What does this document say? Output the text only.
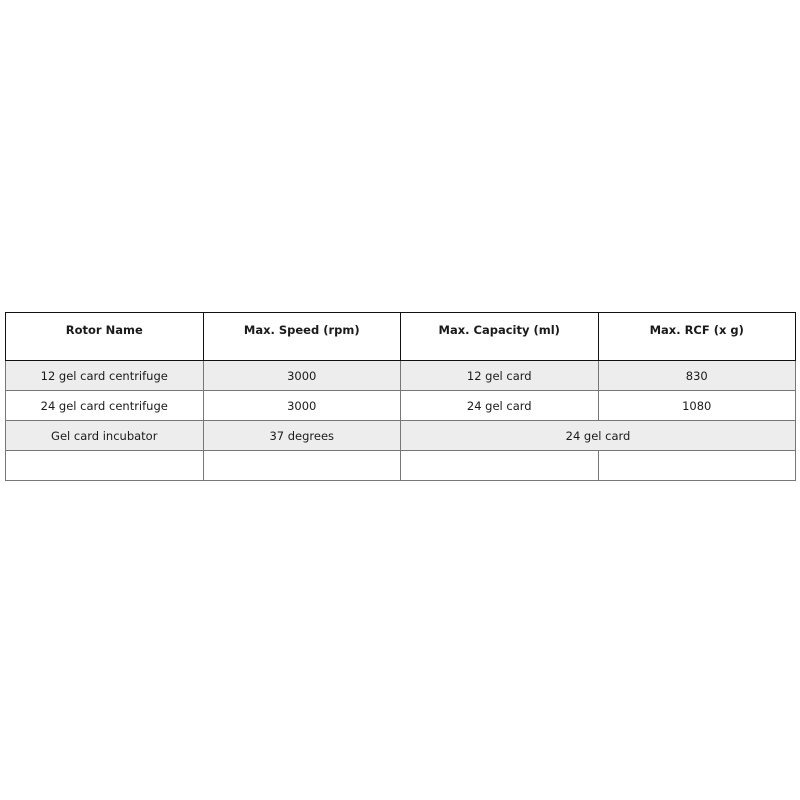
Rotor Name	Max. Speed (rpm)	Max. Capacity (ml)	Max. RCF (x g)
12 gel card centrifuge	3000	12 gel card	830
24 gel card centrifuge	3000	24 gel card	1080
Gel card incubator	37 degrees	24 gel card	
